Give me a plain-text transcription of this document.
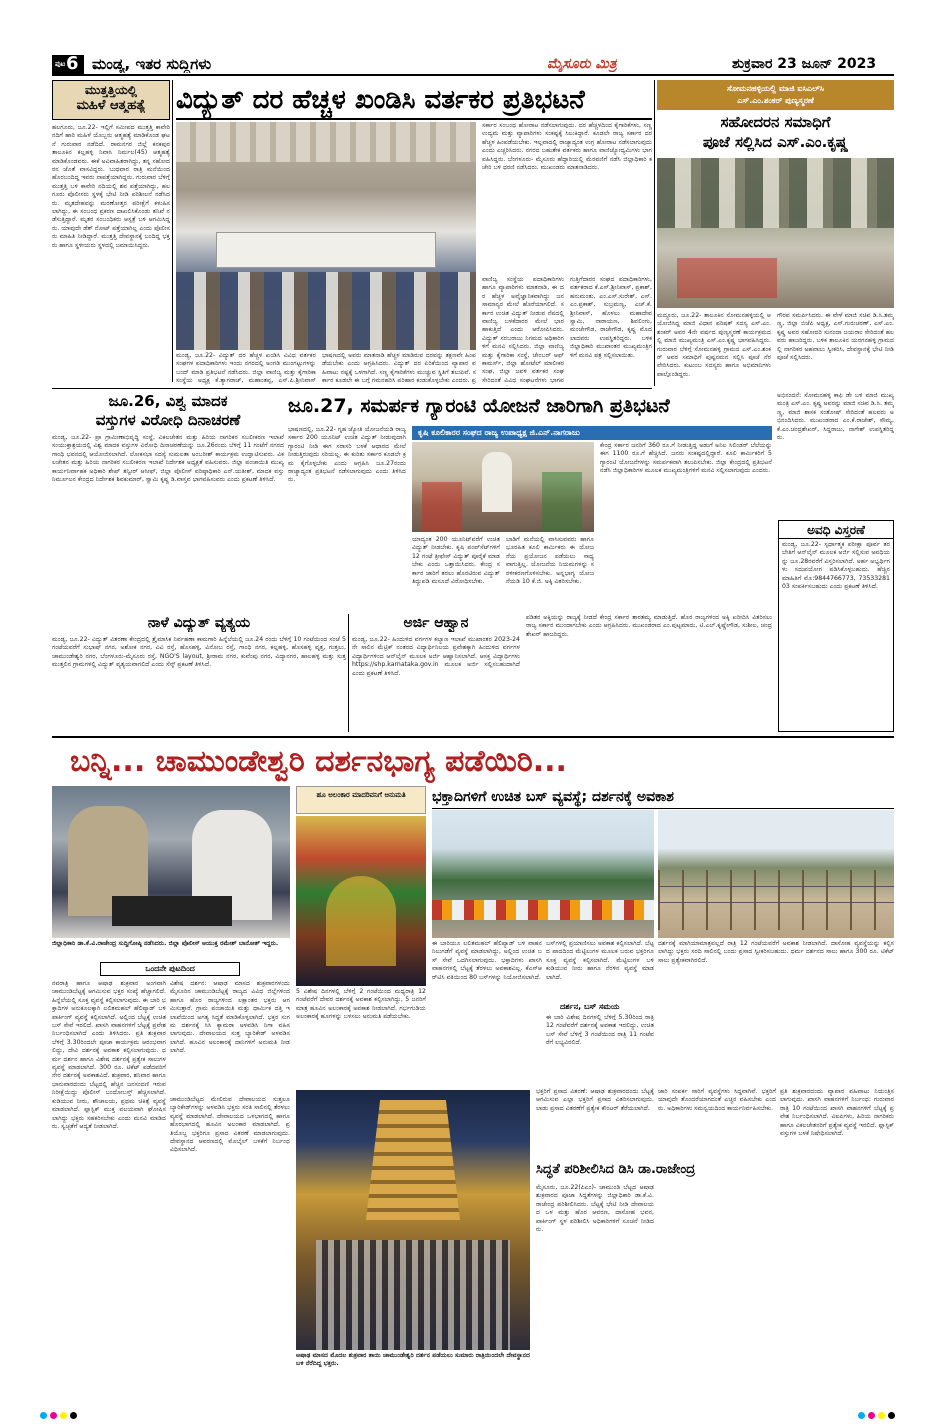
ಪುಟ 6 ಮಂಡ್ಯ, ಇತರ ಸುದ್ದಿಗಳು	ಮೈಸೂರು ಮಿತ್ರ	ಶುಕ್ರವಾರ 23 ಜೂನ್ 2023
ಮುತ್ತತ್ತಿಯಲ್ಲಿ
ಮಹಿಳೆ ಆತ್ಮಹತ್ಯೆ
ಹಲಗೂರು, ಜೂ.22- ಇಲ್ಲಿಗೆ ಸಮೀಪದ ಮುತ್ತತ್ತಿ ಕಾವೇರಿ ನದಿಗೆ ಹಾರಿ ಮಹಿಳೆ ಯೊಬ್ಬರು ಆತ್ಮಹತ್ಯೆ ಮಾಡಿಕೊಂಡ ಘಟನೆ ಗುರುವಾರ ನಡೆದಿದೆ. ರಾಮನಗರ ಜಿಲ್ಲೆ ಕನಕಪುರ ತಾಲೂಕಿನ ಕಲ್ಲಹಳ್ಳಿ ನಿವಾಸಿ ನಿರ್ಮಲ(45) ಆತ್ಮಹತ್ಯೆ ಮಾಡಿಕೊಂಡವರು. ಈಕೆ ಅವಿವಾಹಿತರಾಗಿದ್ದು, ತನ್ನ ಸಹೋದರನ ಜೊತೆ ವಾಸವಿದ್ದರು. ಬುಧವಾರ ರಾತ್ರಿ ಮನೆಯಿಂದ ಹೊರಬಂದಿದ್ದ ಇವರು ನಾಪತ್ತೆಯಾಗಿದ್ದರು. ಗುರುವಾರ ಬೆಳಿಗ್ಗೆ ಮುತ್ತತ್ತಿ ಬಳಿ ಕಾವೇರಿ ನದಿಯಲ್ಲಿ ಶವ ಪತ್ತೆಯಾಗಿದ್ದು, ಹಲಗೂರು ಪೊಲೀಸರು ಸ್ಥಳಕ್ಕೆ ಭೇಟಿ ನೀಡಿ ಪರಿಶೀಲನೆ ನಡೆಸಿದರು. ಮೃತದೇಹವನ್ನು ಮರಣೋತ್ತರ ಪರೀಕ್ಷೆಗೆ ಕಳುಹಿಸಲಾಗಿದ್ದು, ಈ ಸಂಬಂಧ ಪ್ರಕರಣ ದಾಖಲಿಸಿಕೊಂಡು ತನಿಖೆ ನಡೆಸುತ್ತಿದ್ದಾರೆ. ಮೃತರ ಸಂಬಂಧಿಕರು ಆಸ್ಪತ್ರೆ ಬಳಿ ಆಗಮಿಸಿದ್ದರು. ಯಾವುದೇ ಡೆತ್ ನೋಟ್ ಪತ್ತೆಯಾಗಿಲ್ಲ ಎಂದು ಪೊಲೀಸರು ಮಾಹಿತಿ ನೀಡಿದ್ದಾರೆ. ಮುತ್ತತ್ತಿ ದೇವಸ್ಥಾನಕ್ಕೆ ಬಂದಿದ್ದ ಭಕ್ತರು ಹಾಗೂ ಸ್ಥಳೀಯರು ಸ್ಥಳದಲ್ಲಿ ಜಮಾಯಿಸಿದ್ದರು.
ವಿದ್ಯುತ್ ದರ ಹೆಚ್ಚಳ ಖಂಡಿಸಿ ವರ್ತಕರ ಪ್ರತಿಭಟನೆ
ಮಂಡ್ಯ, ಜೂ.22- ವಿದ್ಯುತ್ ದರ ಹೆಚ್ಚಳ ಖಂಡಿಸಿ ವಿವಿಧ ವರ್ತಕರ ಸಂಘಗಳ ಪದಾಧಿಕಾರಿಗಳು ಇಂದು ನಗರದಲ್ಲಿ ಅಂಗಡಿ ಮುಂಗಟ್ಟುಗಳನ್ನು ಬಂದ್ ಮಾಡಿ ಪ್ರತಿಭಟನೆ ನಡೆಸಿದರು. ಜಿಲ್ಲಾ ವಾಣಿಜ್ಯ ಮತ್ತು ಕೈಗಾರಿಕಾ ಸಂಸ್ಥೆಯ ಅಧ್ಯಕ್ಷ ಕೆ.ತ್ಯಾಗರಾಜ್, ಮಹಾಂತಪ್ಪ, ಎಸ್.ಪಿ.ಶ್ರೀನಿವಾಸ್
ಭಾಷಣದಲ್ಲಿ ಅವರು ಮಾತನಾಡಿ ಹೆಚ್ಚಳ ಮಾಡಿರುವ ದರವನ್ನು ತಕ್ಷಣವೇ ಹಿಂಪಡೆಯಬೇಕು ಎಂದು ಆಗ್ರಹಿಸಿದರು. ವಿದ್ಯುತ್ ದರ ಏರಿಕೆಯಿಂದ ವ್ಯಾಪಾರ ವಹಿವಾಟು ನಷ್ಟಕ್ಕೆ ಒಳಗಾಗಿದೆ. ಸಣ್ಣ ಕೈಗಾರಿಕೆಗಳು ಮುಚ್ಚುವ ಸ್ಥಿತಿಗೆ ತಲುಪಿವೆ. ಸರ್ಕಾರ ಕೂಡಲೇ ಈ ಬಗ್ಗೆ ಗಮನಹರಿಸಿ ಪರಿಹಾರ ಕಂಡುಕೊಳ್ಳಬೇಕು ಎಂದರು. ಪ್ರ
ಸರ್ಕಾರ ಸಂಬಂಧ ಹೋರಾಟ ನಡೆಸಲಾಗುವುದು. ದರ ಹೆಚ್ಚಳದಿಂದ ಕೈಗಾರಿಕೆಗಳು, ಸಣ್ಣ ಉದ್ಯಮ ಮತ್ತು ವ್ಯಾಪಾರಿಗಳು ಸಂಕಷ್ಟಕ್ಕೆ ಸಿಲುಕಿದ್ದಾರೆ. ಕೂಡಲೇ ರಾಜ್ಯ ಸರ್ಕಾರ ದರ ಹೆಚ್ಚಳ ಹಿಂಪಡೆಯಬೇಕು. ಇಲ್ಲವಾದಲ್ಲಿ ರಾಜ್ಯಾದ್ಯಂತ ಉಗ್ರ ಹೋರಾಟ ನಡೆಸಲಾಗುವುದು ಎಂದು ಎಚ್ಚರಿಸಿದರು. ನಗರದ ಬಹುತೇಕ ವರ್ತಕರು ಹಾಗೂ ವಾಣಿಜ್ಯೋದ್ಯಮಿಗಳು ಭಾಗವಹಿಸಿದ್ದರು. ಬೆಂಗಳೂರು- ಮೈಸೂರು ಹೆದ್ದಾರಿಯಲ್ಲಿ ಮೆರವಣಿಗೆ ನಡೆಸಿ ಜಿಲ್ಲಾಧಿಕಾರಿ ಕಚೇರಿ ಬಳಿ ಧರಣಿ ನಡೆಸಿದರು. ಮುಖಂಡರು ಮಾತನಾಡಿದರು.
ವಾಣಿಜ್ಯ ಸಂಸ್ಥೆಯ ಪದಾಧಿಕಾರಿಗಳು ಹಾಗೂ ವ್ಯಾಪಾರಿಗಳು ಮಾತನಾಡಿ, ಈ ದರ ಹೆಚ್ಚಳ ಅವೈಜ್ಞಾನಿಕವಾಗಿದ್ದು ಜನಸಾಮಾನ್ಯರ ಮೇಲೆ ಹೊರೆಯಾಗಲಿದೆ. ಸರ್ಕಾರ ಉಚಿತ ವಿದ್ಯುತ್ ನೀಡುವ ನೆಪದಲ್ಲಿ ವಾಣಿಜ್ಯ ಬಳಕೆದಾರರ ಮೇಲೆ ಭಾರ ಹಾಕುತ್ತಿದೆ ಎಂದು ಆರೋಪಿಸಿದರು. ವಿದ್ಯುತ್ ಸರಬರಾಜು ನಿಗಮದ ಅಧಿಕಾರಿಗಳಿಗೆ ಮನವಿ ಸಲ್ಲಿಸಿದರು. ಜಿಲ್ಲಾ ವಾಣಿಜ್ಯ ಮತ್ತು ಕೈಗಾರಿಕಾ ಸಂಸ್ಥೆ, ಚೇಂಬರ್ ಆಫ್ ಕಾಮರ್ಸ್, ಜಿಲ್ಲಾ ಹೋಟೆಲ್ ಮಾಲೀಕರ ಸಂಘ, ಜಿಲ್ಲಾ ಜವಳಿ ವರ್ತಕರ ಸಂಘ ಸೇರಿದಂತೆ ವಿವಿಧ ಸಂಘಟನೆಗಳು ಭಾಗವ
ಗುತ್ತಿಗೆದಾರರ ಸಂಘದ ಪದಾಧಿಕಾರಿಗಳು, ವರ್ತಕರಾದ ಕೆ.ಎಸ್.ಶ್ರೀನಿವಾಸ್, ಪ್ರಕಾಶ್, ಹನುಮಂತು, ಎಂ.ಎಸ್.ಸುರೇಶ್, ಎಸ್.ಎಂ.ಪ್ರಕಾಶ್, ಸುಬ್ರಮಣ್ಯ, ಎಚ್.ಕೆ.ಶ್ರೀನಿವಾಸ್, ಹೊಳಲು ಮಹಾದೇವ ಸ್ವಾಮಿ, ನಾರಾಯಣ, ಶಿವಲಿಂಗು, ಮಂಜೇಗೌಡ, ರಾಜೇಗೌಡ, ಕೃಷ್ಣ ಮೊದಲಾದವರು ಉಪಸ್ಥಿತರಿದ್ದರು. ಬಳಿಕ ಜಿಲ್ಲಾಧಿಕಾರಿ ಮುಖಾಂತರ ಮುಖ್ಯಮಂತ್ರಿಗಳಿಗೆ ಮನವಿ ಪತ್ರ ಸಲ್ಲಿಸಲಾಯಿತು.
ಸೋಮನಹಳ್ಳಿಯಲ್ಲಿ ಮಾಜಿ ಐಸಿಎಲ್‌ಸಿ
ಎಸ್.ಎಂ.ಶಂಕರ್ ಪುಣ್ಯಸ್ಮರಣೆ
ಸಹೋದರನ ಸಮಾಧಿಗೆ
ಪೂಜೆ ಸಲ್ಲಿಸಿದ ಎಸ್.ಎಂ.ಕೃಷ್ಣ
ಮದ್ದೂರು, ಜೂ.22- ತಾಲೂಕಿನ ಸೋಮನಹಳ್ಳಿಯಲ್ಲಿ ಆಯೋಜಿಸಿದ್ದ ಮಾಜಿ ವಿಧಾನ ಪರಿಷತ್ ಸದಸ್ಯ ಎಸ್.ಎಂ.ಶಂಕರ್ ಅವರ 4ನೇ ವರ್ಷದ ಪುಣ್ಯಸ್ಮರಣೆ ಕಾರ್ಯಕ್ರಮದಲ್ಲಿ ಮಾಜಿ ಮುಖ್ಯಮಂತ್ರಿ ಎಸ್.ಎಂ.ಕೃಷ್ಣ ಭಾಗವಹಿಸಿದ್ದರು. ಗುರುವಾರ ಬೆಳಿಗ್ಗೆ ಸೋಮನಹಳ್ಳಿ ಗ್ರಾಮದ ಎಸ್.ಎಂ.ಶಂಕರ್ ಅವರ ಸಮಾಧಿಗೆ ಪುಷ್ಪನಮನ ಸಲ್ಲಿಸಿ ಪೂಜೆ ನೆರವೇರಿಸಿದರು. ಕುಟುಂಬ ಸದಸ್ಯರು ಹಾಗೂ ಅಭಿಮಾನಿಗಳು ಪಾಲ್ಗೊಂಡಿದ್ದರು.
ಗೌರವ ಸಮರ್ಪಿಸಿದರು. ಈ ವೇಳೆ ಮಾಜಿ ಸಚಿವ ಡಿ.ಸಿ.ತಮ್ಮಣ್ಣ, ಜಿಲ್ಲಾ ಬಿಜೆಪಿ ಅಧ್ಯಕ್ಷ, ಎಸ್.ಗುರುಚರಣ್, ಎಸ್.ಎಂ.ಕೃಷ್ಣ ಅವರ ಸಹೋದರಿ ಸುನಂದಾ ಜಯರಾಂ ಸೇರಿದಂತೆ ಹಲವರು ಹಾಜರಿದ್ದರು. ಬಳಿಕ ತಾಲೂಕಿನ ಯರಗನಹಳ್ಳಿ ಗ್ರಾಮದಲ್ಲಿ ನಾಗರಿಕರ ಅಹವಾಲು ಸ್ವೀಕರಿಸಿ, ದೇವಸ್ಥಾನಕ್ಕೆ ಭೇಟಿ ನೀಡಿ ಪೂಜೆ ಸಲ್ಲಿಸಿದರು.
ಅಭಿನಂದನೆ: ಸೋಮನಹಳ್ಳಿ ಕಾಫಿ ಡೇ ಬಳಿ ಮಾಜಿ ಮುಖ್ಯಮಂತ್ರಿ ಎಸ್.ಎಂ. ಕೃಷ್ಣ ಅವರನ್ನು ಮಾಜಿ ಸಚಿವ ಡಿ.ಸಿ. ತಮ್ಮಣ್ಣ, ಮಾಜಿ ಶಾಸಕ ಸಂತೋಷ್ ಸೇರಿದಂತೆ ಹಲವರು ಅಭಿನಂದಿಸಿದರು. ಮುಖಂಡರಾದ ಎಂ.ಕೆ.ರಾಜೇಶ್, ಸೌಮ್ಯ, ಕೆ.ಎಂ.ಚಂದ್ರಶೇಖರ್, ಸಿದ್ದರಾಜು, ನಾಗೇಶ್ ಉಪಸ್ಥಿತರಿದ್ದರು.
ಜೂ.26, ವಿಶ್ವ ಮಾದಕ
ವಸ್ತುಗಳ ವಿರೋಧಿ ದಿನಾಚರಣೆ
ಮಂಡ್ಯ, ಜೂ.22- ಪ್ರಾ ಗ್ರಾಮೀಣಾಭಿವೃದ್ಧಿ ಸಂಸ್ಥೆ, ವಿಕಲಚೇತನ ಮತ್ತು ಹಿರಿಯ ನಾಗರಿಕರ ಸಬಲೀಕರಣ ಇಲಾಖೆ ಸಂಯುಕ್ತಾಶ್ರಯದಲ್ಲಿ ವಿಶ್ವ ಮಾದಕ ವಸ್ತುಗಳ ವಿರೋಧಿ ದಿನಾಚರಣೆಯನ್ನು ಜೂ.26ರಂದು ಬೆಳಿಗ್ಗೆ 11 ಗಂಟೆಗೆ ನಗರದ ಗಾಂಧಿ ಭವನದಲ್ಲಿ ಆಯೋಜಿಸಲಾಗಿದೆ. ಲೋಕಸಭಾ ಸದಸ್ಯೆ ಸುಮಲತಾ ಅಂಬರೀಶ್ ಕಾರ್ಯಕ್ರಮ ಉದ್ಘಾಟಿಸುವರು. ವಿಕಲಚೇತನ ಮತ್ತು ಹಿರಿಯ ನಾಗರಿಕರ ಸಬಲೀಕರಣ ಇಲಾಖೆ ನಿರ್ದೇಶಕ ಅಧ್ಯಕ್ಷತೆ ವಹಿಸುವರು. ಜಿಲ್ಲಾ ಪಂಚಾಯಿತಿ ಮುಖ್ಯ ಕಾರ್ಯನಿರ್ವಾಹಕ ಅಧಿಕಾರಿ ಶೇಖ್ ತನ್ವೀರ್ ಆಸೀಫ್, ಜಿಲ್ಲಾ ಪೊಲೀಸ್ ವರಿಷ್ಠಾಧಿಕಾರಿ ಎನ್.ಯತೀಶ್, ಮಾದಕ ವಸ್ತು ನಿರ್ಮೂಲನ ಕೇಂದ್ರದ ನಿರ್ದೇಶಕ ಶಿವಕುಮಾರ್, ಸ್ವಾಮಿ ಕೃಷ್ಣ ಡಿ.ವಾಸ್ತವ ಭಾಗವಹಿಸುವರು ಎಂದು ಪ್ರಕಟಣೆ ತಿಳಿಸಿದೆ.
ನಾಳೆ ವಿದ್ಯುತ್ ವ್ಯತ್ಯಯ
ಮಂಡ್ಯ, ಜೂ.22- ವಿದ್ಯುತ್ ವಿತರಣಾ ಕೇಂದ್ರದಲ್ಲಿ ತ್ರೈಮಾಸಿಕ ನಿರ್ವಹಣಾ ಕಾಮಗಾರಿ ಹಿನ್ನೆಲೆಯಲ್ಲಿ ಜೂ.24 ರಂದು ಬೆಳಿಗ್ಗೆ 10 ಗಂಟೆಯಿಂದ ಸಂಜೆ 5 ಗಂಟೆಯವರೆಗೆ ಸುಭಾಷ್ ನಗರ, ಅಶೋಕ ನಗರ, ವಿವಿ ರಸ್ತೆ, ಹೊಸಹಳ್ಳಿ, ವಿನೋಬ ರಸ್ತೆ, ಗಾಂಧಿ ನಗರ, ಕಲ್ಲಹಳ್ಳಿ, ಹೊಸಹಳ್ಳಿ ವೃತ್ತ, ಗುತ್ತಲು, ಚಾಮುಂಡೇಶ್ವರಿ ನಗರ, ಬೆಂಗಳೂರು-ಮೈಸೂರು ರಸ್ತೆ, NGO'S layout, ಶ್ರೀರಾಮ ನಗರ, ಕುವೆಂಪು ನಗರ, ವಿದ್ಯಾನಗರ, ಹಾಲಹಳ್ಳಿ ಮತ್ತು ಸುತ್ತಮುತ್ತಲಿನ ಗ್ರಾಮಗಳಲ್ಲಿ ವಿದ್ಯುತ್ ವ್ಯತ್ಯಯವಾಗಲಿದೆ ಎಂದು ಸೆಸ್ಕ್ ಪ್ರಕಟಣೆ ತಿಳಿಸಿದೆ.
ಜೂ.27, ಸಮರ್ಪಕ ಗ್ಯಾರಂಟಿ ಯೋಜನೆ ಜಾರಿಗಾಗಿ ಪ್ರತಿಭಟನೆ
ಭಾಷಣದಲ್ಲಿ, ಜೂ.22- ಗೃಹ ಜ್ಯೋತಿ ಯೋಜನೆಯಡಿ ರಾಜ್ಯ ಸರ್ಕಾರ 200 ಯೂನಿಟ್ ಉಚಿತ ವಿದ್ಯುತ್ ನೀಡುವುದಾಗಿ ಗ್ಯಾರಂಟಿ ನೀಡಿ ಈಗ ಸರಾಸರಿ ಬಳಕೆ ಆಧಾರದ ಮೇಲೆ ನೀಡುತ್ತಿರುವುದು ಸರಿಯಲ್ಲ. ಈ ಕುರಿತು ಸರ್ಕಾರ ಕೂಡಲೇ ಕ್ರಮ ಕೈಗೊಳ್ಳಬೇಕು ಎಂದು ಆಗ್ರಹಿಸಿ ಜೂ.27ರಂದು ರಾಜ್ಯಾದ್ಯಂತ ಪ್ರತಿಭಟನೆ ನಡೆಸಲಾಗುವುದು ಎಂದು ತಿಳಿಸಿದರು.
ಕೃಷಿ ಕೂಲಿಕಾರರ ಸಂಘದ ರಾಜ್ಯ ಉಪಾಧ್ಯಕ್ಷ ಜಿ.ಎನ್.ನಾಗರಾಜು
ಯಾದ್ಯಂತ 200 ಯೂನಿಟ್‌ವರೆಗೆ ಉಚಿತ ವಿದ್ಯುತ್ ನೀಡಬೇಕು. ಕೃಷಿ ಪಂಪ್‌ಸೆಟ್‌ಗಳಿಗೆ 12 ಗಂಟೆ ತ್ರೀಫೇಸ್ ವಿದ್ಯುತ್ ಪೂರೈಕೆ ಮಾಡಬೇಕು ಎಂದು ಒತ್ತಾಯಿಸಿದರು. ಕೇಂದ್ರ ಸರ್ಕಾರ ಜಾರಿಗೆ ತರಲು ಹೊರಟಿರುವ ವಿದ್ಯುತ್ ತಿದ್ದುಪಡಿ ಮಸೂದೆ ವಿರೋಧಿಸಬೇಕು.
ಬಾಡಿಗೆ ಮನೆಯಲ್ಲಿ ವಾಸಿಸುವವರು ಹಾಗೂ ಭೂರಹಿತ ಕೂಲಿ ಕಾರ್ಮಿಕರು ಈ ಯೋಜನೆಯ ಪ್ರಯೋಜನ ಪಡೆಯಲು ಸಾಧ್ಯವಾಗುತ್ತಿಲ್ಲ. ಯೋಜನೆಯ ನಿಯಮಗಳನ್ನು ಸರಳೀಕರಣಗೊಳಿಸಬೇಕು. ಅನ್ನಭಾಗ್ಯ ಯೋಜನೆಯಡಿ 10 ಕೆ.ಜಿ. ಅಕ್ಕಿ ವಿತರಿಸಬೇಕು.
ಕೇಂದ್ರ ಸರ್ಕಾರ ಜನರಿಗೆ 360 ರೂ.ಗೆ ನೀಡುತ್ತಿದ್ದ ಅಡುಗೆ ಅನಿಲ ಸಿಲಿಂಡರ್ ಬೆಲೆಯನ್ನು ಈಗ 1100 ರೂ.ಗೆ ಹೆಚ್ಚಿಸಿದೆ. ಜನರು ಸಂಕಷ್ಟದಲ್ಲಿದ್ದಾರೆ. ಕೂಲಿ ಕಾರ್ಮಿಕರಿಗೆ 5 ಗ್ಯಾರಂಟಿ ಯೋಜನೆಗಳನ್ನು ಸಮರ್ಪಕವಾಗಿ ತಲುಪಿಸಬೇಕು. ಜಿಲ್ಲಾ ಕೇಂದ್ರದಲ್ಲಿ ಪ್ರತಿಭಟನೆ ನಡೆಸಿ ಜಿಲ್ಲಾಧಿಕಾರಿಗಳ ಮೂಲಕ ಮುಖ್ಯಮಂತ್ರಿಗಳಿಗೆ ಮನವಿ ಸಲ್ಲಿಸಲಾಗುವುದು ಎಂದರು.
ಅರ್ಜಿ ಆಹ್ವಾನ
ಮಂಡ್ಯ, ಜೂ.22- ಹಿಂದುಳಿದ ವರ್ಗಗಳ ಕಲ್ಯಾಣ ಇಲಾಖೆ ಮುಖಾಂತರ 2023-24ನೇ ಸಾಲಿನ ಮೆಟ್ರಿಕ್ ನಂತರದ ವಿದ್ಯಾರ್ಥಿನಿಲಯ ಪ್ರವೇಶಕ್ಕಾಗಿ ಹಿಂದುಳಿದ ವರ್ಗಗಳ ವಿದ್ಯಾರ್ಥಿಗಳಿಂದ ಆನ್‌ಲೈನ್ ಮೂಲಕ ಅರ್ಜಿ ಆಹ್ವಾನಿಸಲಾಗಿದೆ. ಆಸಕ್ತ ವಿದ್ಯಾರ್ಥಿಗಳು https://shp.karnataka.gov.in ಮೂಲಕ ಅರ್ಜಿ ಸಲ್ಲಿಸಬಹುದಾಗಿದೆ ಎಂದು ಪ್ರಕಟಣೆ ತಿಳಿಸಿದೆ.
ಪಡಿತರ ಅಕ್ಕಿಯನ್ನು ರಾಜ್ಯಕ್ಕೆ ನೀಡದೆ ಕೇಂದ್ರ ಸರ್ಕಾರ ತಾರತಮ್ಯ ಮಾಡುತ್ತಿದೆ. ಹೊರ ರಾಜ್ಯಗಳಿಂದ ಅಕ್ಕಿ ಖರೀದಿಸಿ ವಿತರಿಸಲು ರಾಜ್ಯ ಸರ್ಕಾರ ಮುಂದಾಗಬೇಕು ಎಂದು ಆಗ್ರಹಿಸಿದರು. ಮುಖಂಡರಾದ ಎಂ.ಪುಟ್ಟಮಾದು, ಟಿ.ಎಲ್.ಕೃಷ್ಣೇಗೌಡ, ಸುಶೀಲ, ಚಂದ್ರಶೇಖರ್ ಹಾಜರಿದ್ದರು.
ಅವಧಿ ವಿಸ್ತರಣೆ
ಮಂಡ್ಯ, ಜೂ.22- ಸ್ಪರ್ಧಾತ್ಮಕ ಪರೀಕ್ಷಾ ಪೂರ್ವ ತರಬೇತಿಗೆ ಆನ್‌ಲೈನ್ ಮೂಲಕ ಅರ್ಜಿ ಸಲ್ಲಿಸುವ ಅವಧಿಯನ್ನು ಜೂ.28ರವರೆಗೆ ವಿಸ್ತರಿಸಲಾಗಿದೆ. ಅರ್ಹ ಅಭ್ಯರ್ಥಿಗಳು ಸದುಪಯೋಗ ಪಡಿಸಿಕೊಳ್ಳಬಹುದು. ಹೆಚ್ಚಿನ ಮಾಹಿತಿಗೆ ಮೊ:9844766773, 7353328103 ಸಂಪರ್ಕಿಸಬಹುದು ಎಂದು ಪ್ರಕಟಣೆ ತಿಳಿಸಿದೆ.
ಬನ್ನಿ... ಚಾಮುಂಡೇಶ್ವರಿ ದರ್ಶನಭಾಗ್ಯ ಪಡೆಯಿರಿ...
ಜಿಲ್ಲಾಧಿಕಾರಿ ಡಾ.ಕೆ.ವಿ.ರಾಜೇಂದ್ರ ಸುದ್ದಿಗೋಷ್ಠಿ ನಡೆಸಿದರು. ಜಿಲ್ಲಾ ಪೊಲೀಸ್ ಆಯುಕ್ತ ರಮೇಶ್ ಬಾನೋತ್ ಇದ್ದರು.
ಹೂ ಅಲಂಕಾರ ಮಾದರಿವನಿಗೆ ಅನುಮತಿ
5 ವಿಶೇಷ ದಿನಗಳಲ್ಲಿ ಬೆಳಿಗ್ಗೆ 2 ಗಂಟೆಯಿಂದ ಮಧ್ಯರಾತ್ರಿ 12 ಗಂಟೆವರೆಗೆ ದೇವರ ದರ್ಶನಕ್ಕೆ ಅವಕಾಶ ಕಲ್ಪಿಸಲಾಗಿದ್ದು, 5 ಜನರಿಗೆ ಮಾತ್ರ ಹೂವಿನ ಅಲಂಕಾರಕ್ಕೆ ಅವಕಾಶ ನೀಡಲಾಗಿದೆ. ಗರ್ಭಗುಡಿಯ ಅಲಂಕಾರಕ್ಕೆ ಹೂಗಳನ್ನು ಬಳಸಲು ಅನುಮತಿ ಪಡೆಯಬೇಕು.
ಭಕ್ತಾದಿಗಳಿಗೆ ಉಚಿತ ಬಸ್ ವ್ಯವಸ್ಥೆ; ದರ್ಶನಕ್ಕೆ ಅವಕಾಶ
ಒಂದನೇ ಪುಟದಿಂದ
ನವರಾತ್ರಿ ಹಾಗೂ ಆಷಾಢ ಶುಕ್ರವಾರ ಅಂಗವಾಗಿ ಚಾಮುಂಡಿಬೆಟ್ಟಕ್ಕೆ ಆಗಮಿಸುವ ಭಕ್ತರ ಸಂಖ್ಯೆ ಹೆಚ್ಚಾಗಲಿದೆ. ಹಿನ್ನೆಲೆಯಲ್ಲಿ ಸೂಕ್ತ ವ್ಯವಸ್ಥೆ ಕಲ್ಪಿಸಲಾಗುವುದು. ಈ ಬಾರಿ ಭಕ್ತಾದಿಗಳ ಅನುಕೂಲಕ್ಕಾಗಿ ಲಲಿತಮಹಲ್ ಹೆಲಿಪ್ಯಾಡ್ ಬಳಿ ಪಾರ್ಕಿಂಗ್ ವ್ಯವಸ್ಥೆ ಕಲ್ಪಿಸಲಾಗಿದೆ. ಅಲ್ಲಿಂದ ಬೆಟ್ಟಕ್ಕೆ ಉಚಿತ ಬಸ್ ಸೇವೆ ಇರಲಿದೆ. ಖಾಸಗಿ ವಾಹನಗಳಿಗೆ ಬೆಟ್ಟಕ್ಕೆ ಪ್ರವೇಶ ನಿರ್ಬಂಧಿಸಲಾಗಿದೆ ಎಂದು ತಿಳಿಸಿದರು. ಪ್ರತಿ ಶುಕ್ರವಾರ ಬೆಳಿಗ್ಗೆ 3.30ರಿಂದಲೇ ಪೂಜಾ ಕಾರ್ಯಕ್ರಮ ಆರಂಭವಾಗಲಿದ್ದು, ದೇವಿ ದರ್ಶನಕ್ಕೆ ಅವಕಾಶ ಕಲ್ಪಿಸಲಾಗುವುದು. ಧರ್ಮ ದರ್ಶನ ಹಾಗೂ ವಿಶೇಷ ದರ್ಶನಕ್ಕೆ ಪ್ರತ್ಯೇಕ ಸಾಲುಗಳ ವ್ಯವಸ್ಥೆ ಮಾಡಲಾಗಿದೆ. 300 ರೂ. ಟಿಕೆಟ್ ಪಡೆದವರಿಗೆ ನೇರ ದರ್ಶನಕ್ಕೆ ಅವಕಾಶವಿದೆ. ಶುಕ್ರವಾರ, ಶನಿವಾರ ಹಾಗೂ ಭಾನುವಾರದಂದು ಬೆಟ್ಟದಲ್ಲಿ ಹೆಚ್ಚಿನ ಜನಸಂದಣಿ ಇರುವ ನಿರೀಕ್ಷೆಯಿದ್ದು ಪೊಲೀಸ್ ಬಂದೋಬಸ್ತ್ ಹೆಚ್ಚಿಸಲಾಗಿದೆ. ಕುಡಿಯುವ ನೀರು, ಶೌಚಾಲಯ, ಪ್ರಥಮ ಚಿಕಿತ್ಸೆ ವ್ಯವಸ್ಥೆ ಮಾಡಲಾಗಿದೆ. ಪ್ಲಾಸ್ಟಿಕ್ ಮುಕ್ತ ವಲಯವಾಗಿ ಘೋಷಿಸಲಾಗಿದ್ದು ಭಕ್ತರು ಸಹಕರಿಸಬೇಕು ಎಂದು ಮನವಿ ಮಾಡಿದರು. ಸ್ವಚ್ಛತೆಗೆ ಆದ್ಯತೆ ನೀಡಲಾಗಿದೆ.
ವಿಶೇಷ ದರ್ಶನ: ಆಷಾಢ ಮಾಸದ ಶುಕ್ರವಾರಗಳಂದು ಮೈಸೂರಿನ ಚಾಮುಂಡಿಬೆಟ್ಟಕ್ಕೆ ರಾಜ್ಯದ ವಿವಿಧ ಜಿಲ್ಲೆಗಳಿಂದ ಹಾಗೂ ಹೊರ ರಾಜ್ಯಗಳಿಂದ ಲಕ್ಷಾಂತರ ಭಕ್ತರು ಆಗಮಿಸುತ್ತಾರೆ. ಗ್ರಾಮ ಪಂಚಾಯಿತಿ ಮತ್ತು ಧಾರ್ಮಿಕ ದತ್ತಿ ಇಲಾಖೆಯಿಂದ ಅಗತ್ಯ ಸಿದ್ಧತೆ ಮಾಡಿಕೊಳ್ಳಲಾಗಿದೆ. ಭಕ್ತರ ಸುಗಮ ದರ್ಶನಕ್ಕೆ ಸಿಸಿ ಕ್ಯಾಮರಾ ಅಳವಡಿಸಿ ನಿಗಾ ವಹಿಸಲಾಗುವುದು. ದೇವಾಲಯದ ಸುತ್ತ ಬ್ಯಾರಿಕೇಡ್ ಅಳವಡಿಸಲಾಗಿದೆ. ಹೂವಿನ ಅಲಂಕಾರಕ್ಕೆ ದಾನಿಗಳಿಗೆ ಅನುಮತಿ ನೀಡಲಾಗಿದೆ.
ಈ ಬಾರಿಯೂ ಲಲಿತಮಹಲ್ ಹೆಲಿಪ್ಯಾಡ್ ಬಳಿ ವಾಹನ ನಿಲುಗಡೆಗೆ ವ್ಯವಸ್ಥೆ ಮಾಡಲಾಗಿದ್ದು, ಅಲ್ಲಿಂದ ಉಚಿತ ಬಸ್ ಸೇವೆ ಒದಗಿಸಲಾಗುವುದು. ಭಕ್ತಾದಿಗಳು ಖಾಸಗಿ ವಾಹನಗಳಲ್ಲಿ ಬೆಟ್ಟಕ್ಕೆ ತೆರಳಲು ಅವಕಾಶವಿಲ್ಲ. ಕೆಎಸ್‌ಆರ್‌ಟಿಸಿ ವತಿಯಿಂದ 80 ಬಸ್‌ಗಳನ್ನು ನಿಯೋಜಿಸಲಾಗಿದೆ.
ಬಸ್‌ಗಳಲ್ಲಿ ಪ್ರಯಾಣಿಸಲು ಅವಕಾಶ ಕಲ್ಪಿಸಲಾಗಿದೆ. ಬೆಟ್ಟದ ಪಾದದಿಂದ ಮೆಟ್ಟಿಲುಗಳ ಮೂಲಕ ಬರುವ ಭಕ್ತರಿಗೂ ಸೂಕ್ತ ವ್ಯವಸ್ಥೆ ಕಲ್ಪಿಸಲಾಗಿದೆ. ಮೆಟ್ಟಿಲುಗಳ ಬಳಿ ಕುಡಿಯುವ ನೀರು ಹಾಗೂ ನೆರಳಿನ ವ್ಯವಸ್ಥೆ ಮಾಡಲಾಗಿದೆ.
ದರ್ಶನ, ಬಸ್ ಸಮಯ
ಈ ಬಾರಿ ವಿಶೇಷ ದಿನಗಳಲ್ಲಿ ಬೆಳಿಗ್ಗೆ 5.30ರಿಂದ ರಾತ್ರಿ 12 ಗಂಟೆವರೆಗೆ ದರ್ಶನಕ್ಕೆ ಅವಕಾಶ ಇರಲಿದ್ದು, ಉಚಿತ ಬಸ್ ಸೇವೆ ಬೆಳಿಗ್ಗೆ 3 ಗಂಟೆಯಿಂದ ರಾತ್ರಿ 11 ಗಂಟೆವರೆಗೆ ಲಭ್ಯವಿರಲಿದೆ.
ದರ್ಶನಕ್ಕೆ ಮಾಗಿಯಾಮಾತ್ರವಲ್ಲದೆ ರಾತ್ರಿ 12 ಗಂಟೆಯವರೆಗೆ ಅವಕಾಶ ನೀಡಲಾಗಿದೆ. ದಾಸೋಹ ವ್ಯವಸ್ಥೆಯನ್ನು ಕಲ್ಪಿಸಲಾಗಿದ್ದು ಭಕ್ತರು ಸರದಿ ಸಾಲಿನಲ್ಲಿ ಬಂದು ಪ್ರಸಾದ ಸ್ವೀಕರಿಸಬಹುದು. ಧರ್ಮ ದರ್ಶನದ ಸಾಲು ಹಾಗೂ 300 ರೂ. ಟಿಕೆಟ್ ಸಾಲು ಪ್ರತ್ಯೇಕವಾಗಿರಲಿದೆ.
ಆಷಾಢ ಮಾಸದ ಮೊದಲ ಶುಕ್ರವಾರ ತಾಯಿ ಚಾಮುಂಡೇಶ್ವರಿ ದರ್ಶನ ಪಡೆಯಲು ಸುಮಾರು ರಾತ್ರಿಯಿಂದಲೇ ದೇವಸ್ಥಾನದ ಬಳಿ ನೆರೆದಿದ್ದ ಭಕ್ತರು.
ಚಾಮುಂಡಿಬೆಟ್ಟದ ಮೇಲಿರುವ ದೇವಾಲಯದ ಸುತ್ತಲೂ ಬ್ಯಾರಿಕೇಡ್‌ಗಳನ್ನು ಅಳವಡಿಸಿ ಭಕ್ತರು ಸರತಿ ಸಾಲಿನಲ್ಲಿ ತೆರಳಲು ವ್ಯವಸ್ಥೆ ಮಾಡಲಾಗಿದೆ. ದೇವಾಲಯದ ಒಳಭಾಗದಲ್ಲಿ ಹಾಗೂ ಹೊರಭಾಗದಲ್ಲಿ ಹೂವಿನ ಅಲಂಕಾರ ಮಾಡಲಾಗಿದೆ. ಪ್ರತಿಯೊಬ್ಬ ಭಕ್ತರಿಗೂ ಪ್ರಸಾದ ವಿತರಣೆ ಮಾಡಲಾಗುವುದು. ದೇವಸ್ಥಾನದ ಆವರಣದಲ್ಲಿ ಮೊಬೈಲ್ ಬಳಕೆಗೆ ನಿರ್ಬಂಧ ವಿಧಿಸಲಾಗಿದೆ.
ಭಕ್ತರಿಗೆ ಪ್ರಸಾದ ವಿತರಣೆ: ಆಷಾಢ ಶುಕ್ರವಾರದಂದು ಬೆಟ್ಟಕ್ಕೆ ಆಗಮಿಸುವ ಎಲ್ಲಾ ಭಕ್ತರಿಗೆ ಪ್ರಸಾದ ವಿತರಿಸಲಾಗುವುದು. ಲಾಡು ಪ್ರಸಾದ ವಿತರಣೆಗೆ ಪ್ರತ್ಯೇಕ ಕೌಂಟರ್ ತೆರೆಯಲಾಗಿದೆ.
ಸಿದ್ಧತೆ ಪರಿಶೀಲಿಸಿದ ಡಿಸಿ ಡಾ.ರಾಜೇಂದ್ರ
ಮೈಸೂರು, ಜೂ.22(ಪಿಎಂ)- ಚಾಮುಂಡಿ ಬೆಟ್ಟದ ಆಷಾಢ ಶುಕ್ರವಾರದ ಪೂಜಾ ಸಿದ್ಧತೆಗಳನ್ನು ಜಿಲ್ಲಾಧಿಕಾರಿ ಡಾ.ಕೆ.ವಿ.ರಾಜೇಂದ್ರ ಪರಿಶೀಲಿಸಿದರು. ಬೆಟ್ಟಕ್ಕೆ ಭೇಟಿ ನೀಡಿ ದೇವಾಲಯದ ಒಳ ಮತ್ತು ಹೊರ ಆವರಣ, ದಾಸೋಹ ಭವನ, ಪಾರ್ಕಿಂಗ್ ಸ್ಥಳ ಪರಿಶೀಲಿಸಿ ಅಧಿಕಾರಿಗಳಿಗೆ ಸೂಚನೆ ನೀಡಿದರು.
ಜಾರಿ ಸಂಪರ್ಕ ಸಾರಿಗೆ ವ್ಯವಸ್ಥೆಗಳು ಸಿದ್ಧವಾಗಿವೆ. ಭಕ್ತರಿಗೆ ಯಾವುದೇ ತೊಂದರೆಯಾಗದಂತೆ ಎಚ್ಚರ ವಹಿಸಬೇಕು ಎಂದರು. ಅಧಿಕಾರಿಗಳು ಸಮನ್ವಯದಿಂದ ಕಾರ್ಯನಿರ್ವಹಿಸಬೇಕು.
ಪ್ರತಿ ಶುಕ್ರವಾರದಂದು ವ್ಯಾಪಾರ ವಹಿವಾಟು ನಿಯಂತ್ರಿಸಲಾಗುವುದು. ಖಾಸಗಿ ವಾಹನಗಳಿಗೆ ನಿರ್ಬಂಧ: ಗುರುವಾರ ರಾತ್ರಿ 10 ಗಂಟೆಯಿಂದ ಖಾಸಗಿ ವಾಹನಗಳಿಗೆ ಬೆಟ್ಟಕ್ಕೆ ಪ್ರವೇಶ ನಿರ್ಬಂಧಿಸಲಾಗಿದೆ. ವಿಐಪಿಗಳು, ಹಿರಿಯ ನಾಗರಿಕರು ಹಾಗೂ ವಿಕಲಚೇತನರಿಗೆ ಪ್ರತ್ಯೇಕ ವ್ಯವಸ್ಥೆ ಇರಲಿದೆ. ಪ್ಲಾಸ್ಟಿಕ್ ವಸ್ತುಗಳ ಬಳಕೆ ನಿಷೇಧಿಸಲಾಗಿದೆ.
